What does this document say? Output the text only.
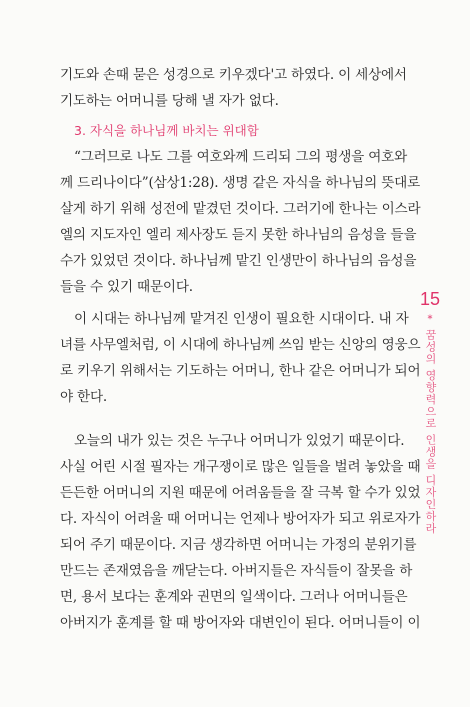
기도와 손때 묻은 성경으로 키우겠다'고 하였다. 이 세상에서
기도하는 어머니를 당해 낼 자가 없다.
3. 자식을 하나님께 바치는 위대함
“그러므로 나도 그를 여호와께 드리되 그의 평생을 여호와
께 드리나이다”(삼상1:28). 생명 같은 자식을 하나님의 뜻대로
살게 하기 위해 성전에 맡겼던 것이다. 그러기에 한나는 이스라
엘의 지도자인 엘리 제사장도 듣지 못한 하나님의 음성을 들을
수가 있었던 것이다. 하나님께 맡긴 인생만이 하나님의 음성을
들을 수 있기 때문이다.
이 시대는 하나님께 맡겨진 인생이 필요한 시대이다. 내 자
녀를 사무엘처럼, 이 시대에 하나님께 쓰임 받는 신앙의 영웅으
로 키우기 위해서는 기도하는 어머니, 한나 같은 어머니가 되어
야 한다.
오늘의 내가 있는 것은 누구나 어머니가 있었기 때문이다.
사실 어린 시절 필자는 개구쟁이로 많은 일들을 벌려 놓았을 때
든든한 어머니의 지원 때문에 어려움들을 잘 극복 할 수가 있었
다. 자식이 어려울 때 어머니는 언제나 방어자가 되고 위로자가
되어 주기 때문이다. 지금 생각하면 어머니는 가정의 분위기를
만드는 존재였음을 깨닫는다. 아버지들은 자식들이 잘못을 하
면, 용서 보다는 훈계와 권면의 일색이다. 그러나 어머니들은
아버지가 훈계를 할 때 방어자와 대변인이 된다. 어머니들이 이
15
*
꿈성의 영향력으로 인생을 디자인하라
